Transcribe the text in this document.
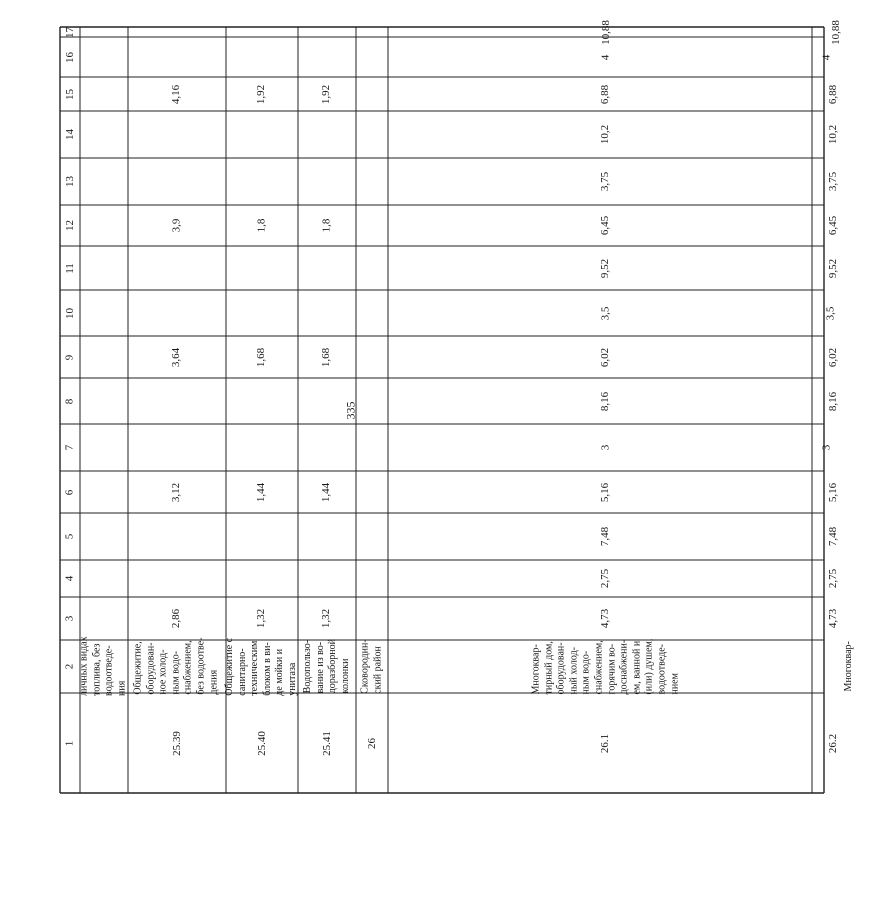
335
1
2
3
4
5
6
7
8
9
10
11
12
13
14
15
16
17
личных видах
топлива, без
водоотведе-
ния
25.39
Общежитие,
оборудован-
ное холод-
ным водо-
снабжением,
без водоотве-
дения
2,86
3,12
3,64
3,9
4,16
25.40
Общежитие с
санитарно-
техническим
блоком в ви-
де мойки и
унитаза
1,32
1,44
1,68
1,8
1,92
25.41
Водопользо-
вание из во-
доразборной
колонки
1,32
1,44
1,68
1,8
1,92
26
Сковородин-
ский район
26.1
Многоквар-
тирный дом,
оборудован-
ный холод-
ным водо-
снабжением,
горячим во-
доснабжени-
ем, ванной и
(или) душем,
водоотведе-
нием
4,73
2,75
7,48
5,16
3
8,16
6,02
3,5
9,52
6,45
3,75
10,2
6,88
4
10,88
26.2
Многоквар-
4,73
2,75
7,48
5,16
3
8,16
6,02
3,5
9,52
6,45
3,75
10,2
6,88
4
10,88
